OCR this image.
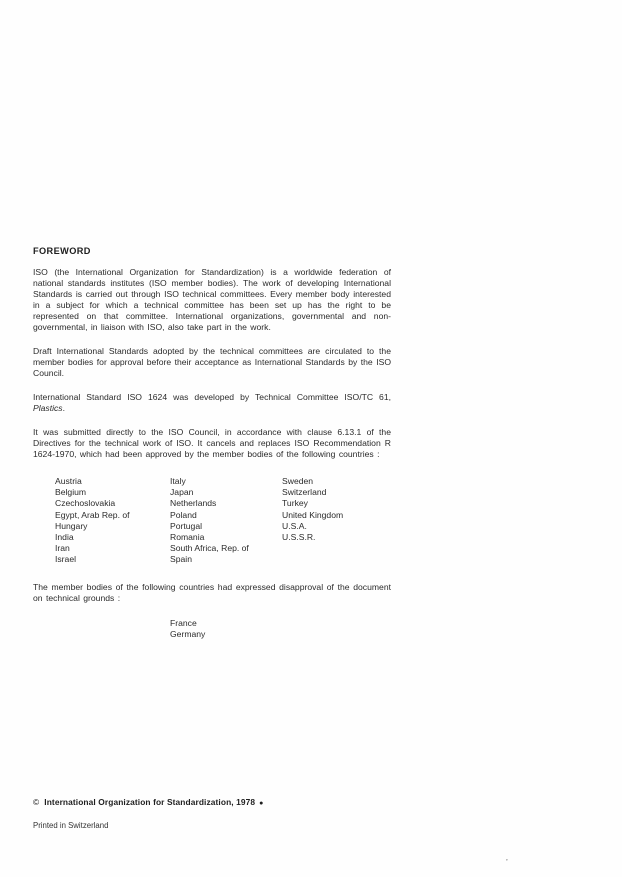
FOREWORD

ISO (the International Organization for Standardization) is a worldwide federation of national standards institutes (ISO member bodies). The work of developing International Standards is carried out through ISO technical committees. Every member body interested in a subject for which a technical committee has been set up has the right to be represented on that committee. International organizations, governmental and non-governmental, in liaison with ISO, also take part in the work.

Draft International Standards adopted by the technical committees are circulated to the member bodies for approval before their acceptance as International Standards by the ISO Council.

International Standard ISO 1624 was developed by Technical Committee ISO/TC 61, Plastics.

It was submitted directly to the ISO Council, in accordance with clause 6.13.1 of the Directives for the technical work of ISO. It cancels and replaces ISO Recommendation R 1624-1970, which had been approved by the member bodies of the following countries :

Austria
Belgium
Czechoslovakia
Egypt, Arab Rep. of
Hungary
India
Iran
Israel
Italy
Japan
Netherlands
Poland
Portugal
Romania
South Africa, Rep. of
Spain
Sweden
Switzerland
Turkey
United Kingdom
U.S.A.
U.S.S.R.

The member bodies of the following countries had expressed disapproval of the document on technical grounds :

France
Germany
© International Organization for Standardization, 1978 ●
Printed in Switzerland
’
